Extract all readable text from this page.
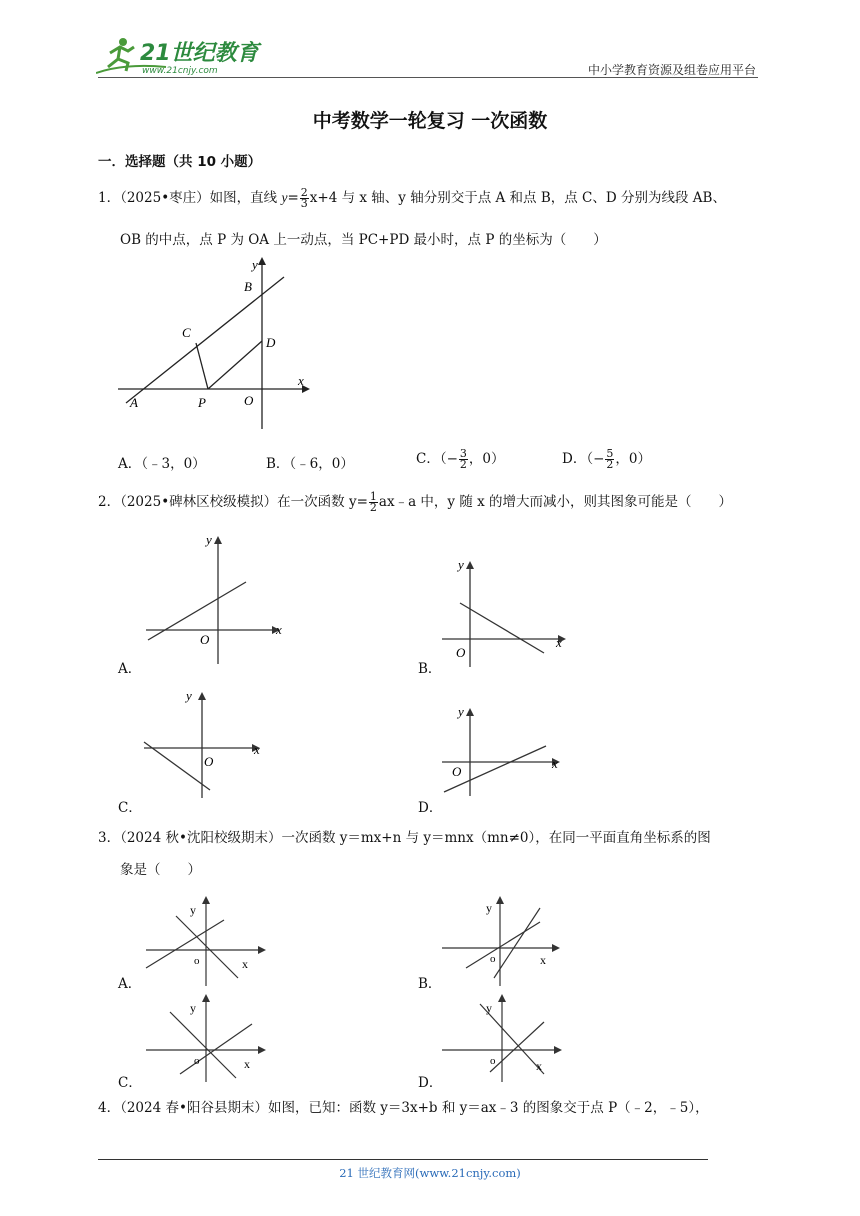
21世纪教育
www.21cnjy.com	中小学教育资源及组卷应用平台
中考数学一轮复习 一次函数
一．选择题（共 10 小题）
1．（2025•枣庄）如图，直线 $y= \frac{2}{3} x+4$ 与 x 轴、y 轴分别交于点 A 和点 B，点 C、D 分别为线段 AB、
OB 的中点，点 P 为 OA 上一动点，当 PC+PD 最小时，点 P 的坐标为（　　）
y
x
B
C
D
A	P	O
A．（﹣3，0）	B．（﹣6，0）	C．（− $\frac{3}{2}$ ，0）	D．（− $\frac{5}{2}$ ，0）
2．（2025•碑林区校级模拟）在一次函数 $y= \frac{1}{2}$ ax﹣a 中，y 随 x 的增大而减小，则其图象可能是（　　）
y
x
O
A．
y
x
O
B．
y
x
O
C．
y
x
O
D．
3．（2024 秋•沈阳校级期末）一次函数 y＝mx+n 与 y＝mnx（mn≠0），在同一平面直角坐标系的图
象是（　　）
y
x
o
A．
y
x
o
B．
y
x
o
C．
y
x
o
D．
4．（2024 春•阳谷县期末）如图，已知：函数 y＝3x+b 和 y＝ax﹣3 的图象交于点 P（﹣2，﹣5），
21 世纪教育网(www.21cnjy.com)
